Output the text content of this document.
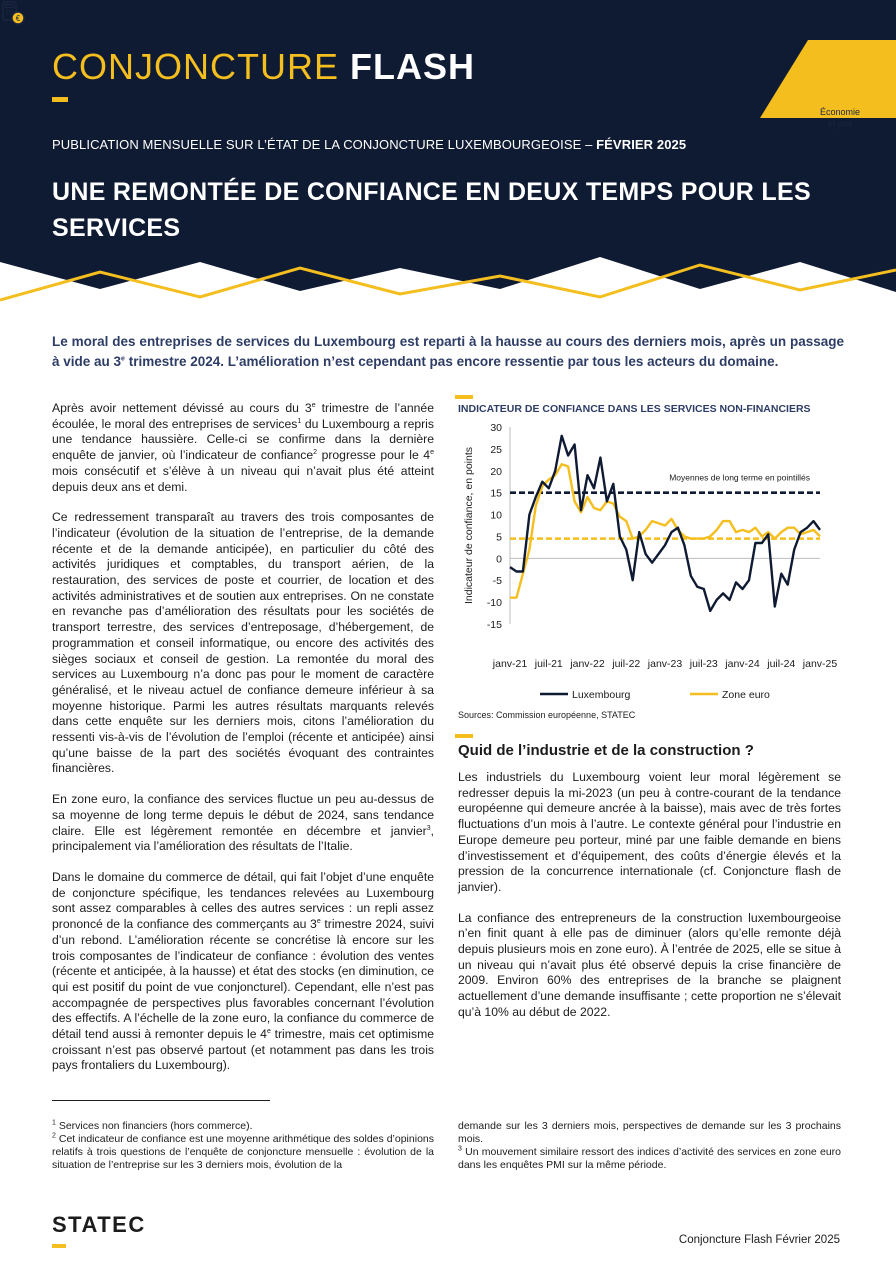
CONJONCTURE FLASH
€
Économie
et prix
PUBLICATION MENSUELLE SUR L’ÉTAT DE LA CONJONCTURE LUXEMBOURGEOISE – FÉVRIER 2025
UNE REMONTÉE DE CONFIANCE EN DEUX TEMPS POUR LES SERVICES
Le moral des entreprises de services du Luxembourg est reparti à la hausse au cours des derniers mois, après un passage à vide au 3e trimestre 2024. L’amélioration n’est cependant pas encore ressentie par tous les acteurs du domaine.

Après avoir nettement dévissé au cours du 3e trimestre de l’année écoulée, le moral des entreprises de services$^1$ du Luxembourg a repris une tendance haussière. Celle-ci se confirme dans la dernière enquête de janvier, où l’indicateur de confiance$^2$ progresse pour le 4e mois consécutif et s’élève à un niveau qui n’avait plus été atteint depuis deux ans et demi.

Ce redressement transparaît au travers des trois composantes de l’indicateur (évolution de la situation de l’entreprise, de la demande récente et de la demande anticipée), en particulier du côté des activités juridiques et comptables, du transport aérien, de la restauration, des services de poste et courrier, de location et des activités administratives et de soutien aux entreprises. On ne constate en revanche pas d’amélioration des résultats pour les sociétés de transport terrestre, des services d’entreposage, d’hébergement, de programmation et conseil informatique, ou encore des activités des sièges sociaux et conseil de gestion. La remontée du moral des services au Luxembourg n’a donc pas pour le moment de caractère généralisé, et le niveau actuel de confiance demeure inférieur à sa moyenne historique. Parmi les autres résultats marquants relevés dans cette enquête sur les derniers mois, citons l’amélioration du ressenti vis-à-vis de l’évolution de l’emploi (récente et anticipée) ainsi qu’une baisse de la part des sociétés évoquant des contraintes financières.

En zone euro, la confiance des services fluctue un peu au-dessus de sa moyenne de long terme depuis le début de 2024, sans tendance claire. Elle est légèrement remontée en décembre et janvier$^3$, principalement via l’amélioration des résultats de l’Italie.

Dans le domaine du commerce de détail, qui fait l’objet d’une enquête de conjoncture spécifique, les tendances relevées au Luxembourg sont assez comparables à celles des autres services : un repli assez prononcé de la confiance des commerçants au 3e trimestre 2024, suivi d’un rebond. L’amélioration récente se concrétise là encore sur les trois composantes de l’indicateur de confiance : évolution des ventes (récente et anticipée, à la hausse) et état des stocks (en diminution, ce qui est positif du point de vue conjoncturel). Cependant, elle n’est pas accompagnée de perspectives plus favorables concernant l’évolution des effectifs. A l’échelle de la zone euro, la confiance du commerce de détail tend aussi à remonter depuis le 4e trimestre, mais cet optimisme croissant n’est pas observé partout (et notamment pas dans les trois pays frontaliers du Luxembourg).

INDICATEUR DE CONFIANCE DANS LES SERVICES NON-FINANCIERS
30
25
20
15
10
5
0
-5
-10
-15
Indicateur de confiance, en points
janv-21 juil-21 janv-22 juil-22 janv-23 juil-23 janv-24 juil-24 janv-25
Moyennes de long terme en pointillés
Luxembourg	Zone euro
Sources: Commission européenne, STATEC
Quid de l’industrie et de la construction ?

Les industriels du Luxembourg voient leur moral légèrement se redresser depuis la mi-2023 (un peu à contre-courant de la tendance européenne qui demeure ancrée à la baisse), mais avec de très fortes fluctuations d’un mois à l’autre. Le contexte général pour l’industrie en Europe demeure peu porteur, miné par une faible demande en biens d’investissement et d’équipement, des coûts d’énergie élevés et la pression de la concurrence internationale (cf. Conjoncture flash de janvier).

La confiance des entrepreneurs de la construction luxembourgeoise n’en finit quant à elle pas de diminuer (alors qu’elle remonte déjà depuis plusieurs mois en zone euro). À l’entrée de 2025, elle se situe à un niveau qui n’avait plus été observé depuis la crise financière de 2009. Environ 60% des entreprises de la branche se plaignent actuellement d’une demande insuffisante ; cette proportion ne s’élevait qu’à 10% au début de 2022.

$^1$ Services non financiers (hors commerce).
$^2$ Cet indicateur de confiance est une moyenne arithmétique des soldes d’opinions relatifs à trois questions de l’enquête de conjoncture mensuelle : évolution de la situation de l’entreprise sur les 3 derniers mois, évolution de la
demande sur les 3 derniers mois, perspectives de demande sur les 3 prochains mois.
$^3$ Un mouvement similaire ressort des indices d’activité des services en zone euro dans les enquêtes PMI sur la même période.
STATEC
Conjoncture Flash Février 2025
